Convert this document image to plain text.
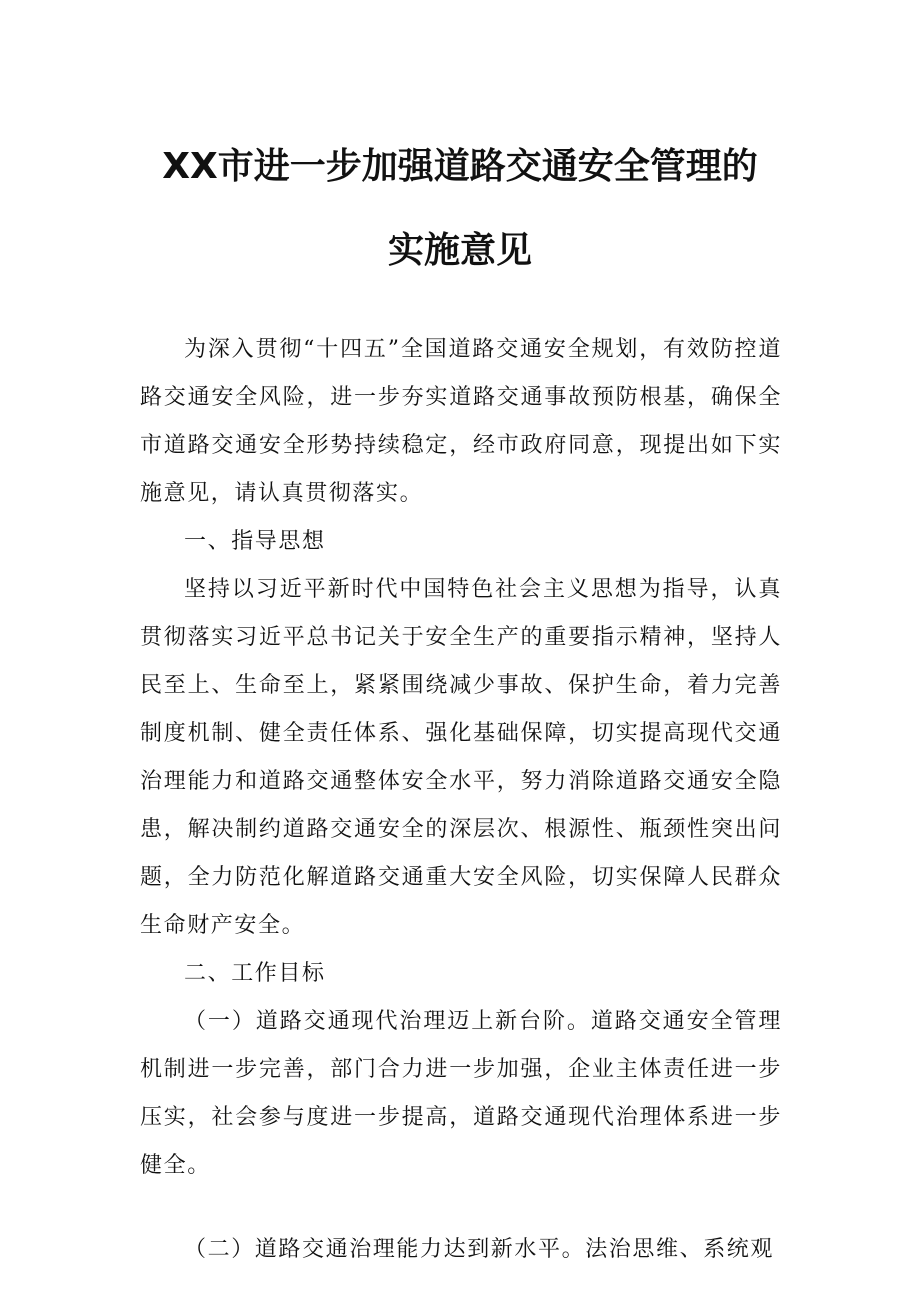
XX市进一步加强道路交通安全管理的
实施意见

为深入贯彻“十四五”全国道路交通安全规划，有效防控道路交通安全风险，进一步夯实道路交通事故预防根基，确保全市道路交通安全形势持续稳定，经市政府同意，现提出如下实施意见，请认真贯彻落实。

一、指导思想

坚持以习近平新时代中国特色社会主义思想为指导，认真贯彻落实习近平总书记关于安全生产的重要指示精神，坚持人民至上、生命至上，紧紧围绕减少事故、保护生命，着力完善制度机制、健全责任体系、强化基础保障，切实提高现代交通治理能力和道路交通整体安全水平，努力消除道路交通安全隐患，解决制约道路交通安全的深层次、根源性、瓶颈性突出问题，全力防范化解道路交通重大安全风险，切实保障人民群众生命财产安全。

二、工作目标

（一）道路交通现代治理迈上新台阶。道路交通安全管理机制进一步完善，部门合力进一步加强，企业主体责任进一步压实，社会参与度进一步提高，道路交通现代治理体系进一步健全。

（二）道路交通治理能力达到新水平。法治思维、系统观
